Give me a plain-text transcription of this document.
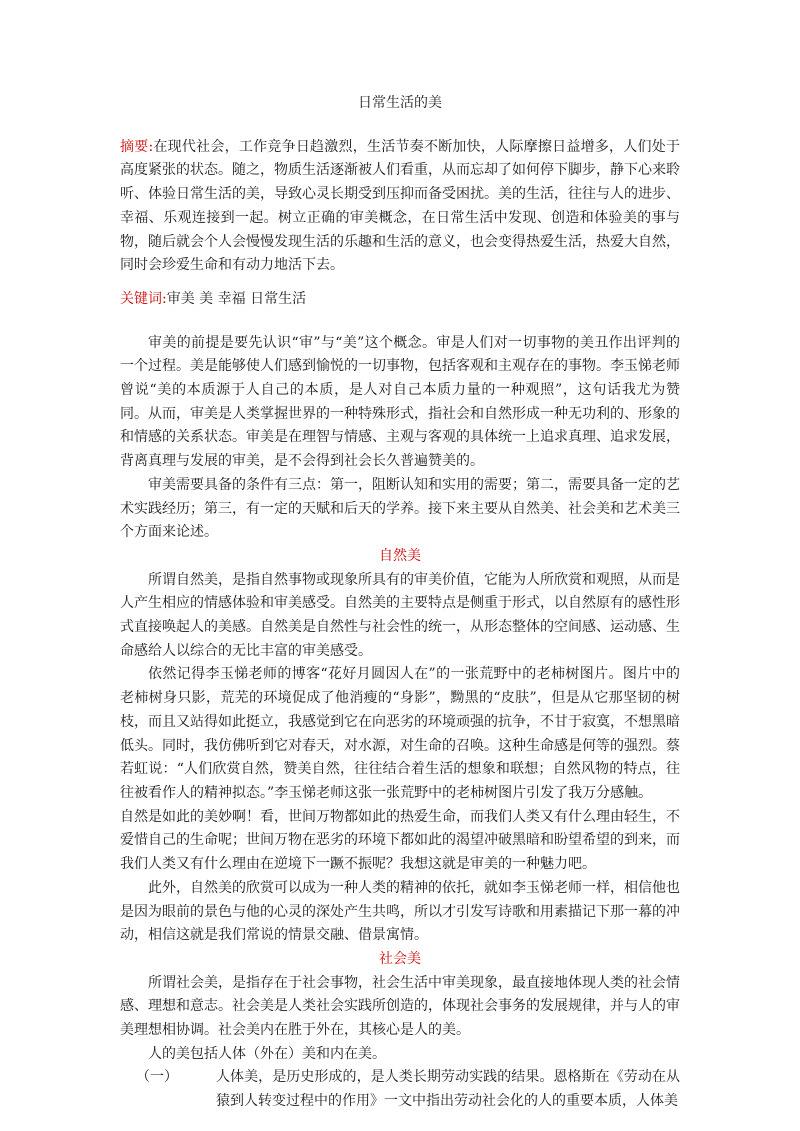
日常生活的美

摘要:在现代社会，工作竞争日趋激烈，生活节奏不断加快，人际摩擦日益增多，人们处于高度紧张的状态。随之，物质生活逐渐被人们看重，从而忘却了如何停下脚步，静下心来聆听、体验日常生活的美，导致心灵长期受到压抑而备受困扰。美的生活，往往与人的进步、幸福、乐观连接到一起。树立正确的审美概念，在日常生活中发现、创造和体验美的事与物，随后就会个人会慢慢发现生活的乐趣和生活的意义，也会变得热爱生活，热爱大自然，同时会珍爱生命和有动力地活下去。

关键词:审美 美 幸福 日常生活

审美的前提是要先认识“审”与“美”这个概念。审是人们对一切事物的美丑作出评判的一个过程。美是能够使人们感到愉悦的一切事物，包括客观和主观存在的事物。李玉悌老师曾说“美的本质源于人自己的本质，是人对自己本质力量的一种观照”，这句话我尤为赞同。从而，审美是人类掌握世界的一种特殊形式，指社会和自然形成一种无功利的、形象的和情感的关系状态。审美是在理智与情感、主观与客观的具体统一上追求真理、追求发展，背离真理与发展的审美，是不会得到社会长久普遍赞美的。

审美需要具备的条件有三点：第一，阻断认知和实用的需要；第二，需要具备一定的艺术实践经历；第三，有一定的天赋和后天的学养。接下来主要从自然美、社会美和艺术美三个方面来论述。

自然美

所谓自然美，是指自然事物或现象所具有的审美价值，它能为人所欣赏和观照，从而是人产生相应的情感体验和审美感受。自然美的主要特点是侧重于形式，以自然原有的感性形式直接唤起人的美感。自然美是自然性与社会性的统一，从形态整体的空间感、运动感、生命感给人以综合的无比丰富的审美感受。

依然记得李玉悌老师的博客“花好月圆因人在”的一张荒野中的老柿树图片。图片中的老柿树身只影，荒芜的环境促成了他消瘦的“身影”，黝黑的“皮肤”，但是从它那坚韧的树枝，而且又站得如此挺立，我感觉到它在向恶劣的环境顽强的抗争，不甘于寂寞，不想黑暗低头。同时，我仿佛听到它对春天，对水源，对生命的召唤。这种生命感是何等的强烈。蔡若虹说：“人们欣赏自然，赞美自然，往往结合着生活的想象和联想；自然风物的特点，往往被看作人的精神拟态。”李玉悌老师这张一张荒野中的老柿树图片引发了我万分感触。

自然是如此的美妙啊！看，世间万物都如此的热爱生命，而我们人类又有什么理由轻生，不爱惜自己的生命呢；世间万物在恶劣的环境下都如此的渴望冲破黑暗和盼望希望的到来，而我们人类又有什么理由在逆境下一蹶不振呢？我想这就是审美的一种魅力吧。

此外，自然美的欣赏可以成为一种人类的精神的依托，就如李玉悌老师一样，相信他也是因为眼前的景色与他的心灵的深处产生共鸣，所以才引发写诗歌和用素描记下那一幕的冲动，相信这就是我们常说的情景交融、借景寓情。

社会美

所谓社会美，是指存在于社会事物，社会生活中审美现象，最直接地体现人类的社会情感、理想和意志。社会美是人类社会实践所创造的，体现社会事务的发展规律，并与人的审美理想相协调。社会美内在胜于外在，其核心是人的美。

人的美包括人体（外在）美和内在美。

（一）	人体美，是历史形成的，是人类长期劳动实践的结果。恩格斯在《劳动在从猿到人转变过程中的作用》一文中指出劳动社会化的人的重要本质，人体美
